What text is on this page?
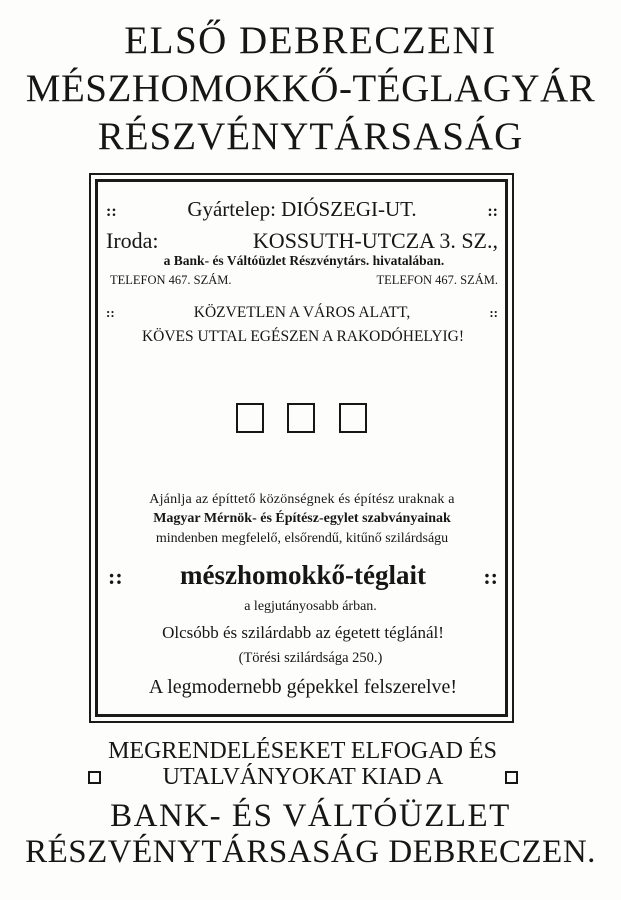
ELSŐ DEBRECZENI
MÉSZHOMOKKŐ-TÉGLAGYÁR
RÉSZVÉNYTÁRSASÁG
::	Gyártelep: DIÓSZEGI-UT.	::
Iroda:	KOSSUTH-UTCZA 3. SZ.,
a Bank- és Váltóüzlet Részvénytárs. hivatalában.
TELEFON 467. SZÁM.	TELEFON 467. SZÁM.
::	KÖZVETLEN A VÁROS ALATT,	::
KÖVES UTTAL EGÉSZEN A RAKODÓHELYIG!
Ajánlja az építtető közönségnek és építész uraknak a
Magyar Mérnök- és Építész-egylet szabványainak
mindenben megfelelő, elsőrendű, kitűnő szilárdságu
:: mészhomokkő-téglait	::
a legjutányosabb árban.
Olcsóbb és szilárdabb az égetett téglánál!
(Törési szilárdsága 250.)
A legmodernebb gépekkel felszerelve!
MEGRENDELÉSEKET ELFOGAD ÉS
UTALVÁNYOKAT KIAD A
BANK- ÉS VÁLTÓÜZLET
RÉSZVÉNYTÁRSASÁG DEBRECZEN.
